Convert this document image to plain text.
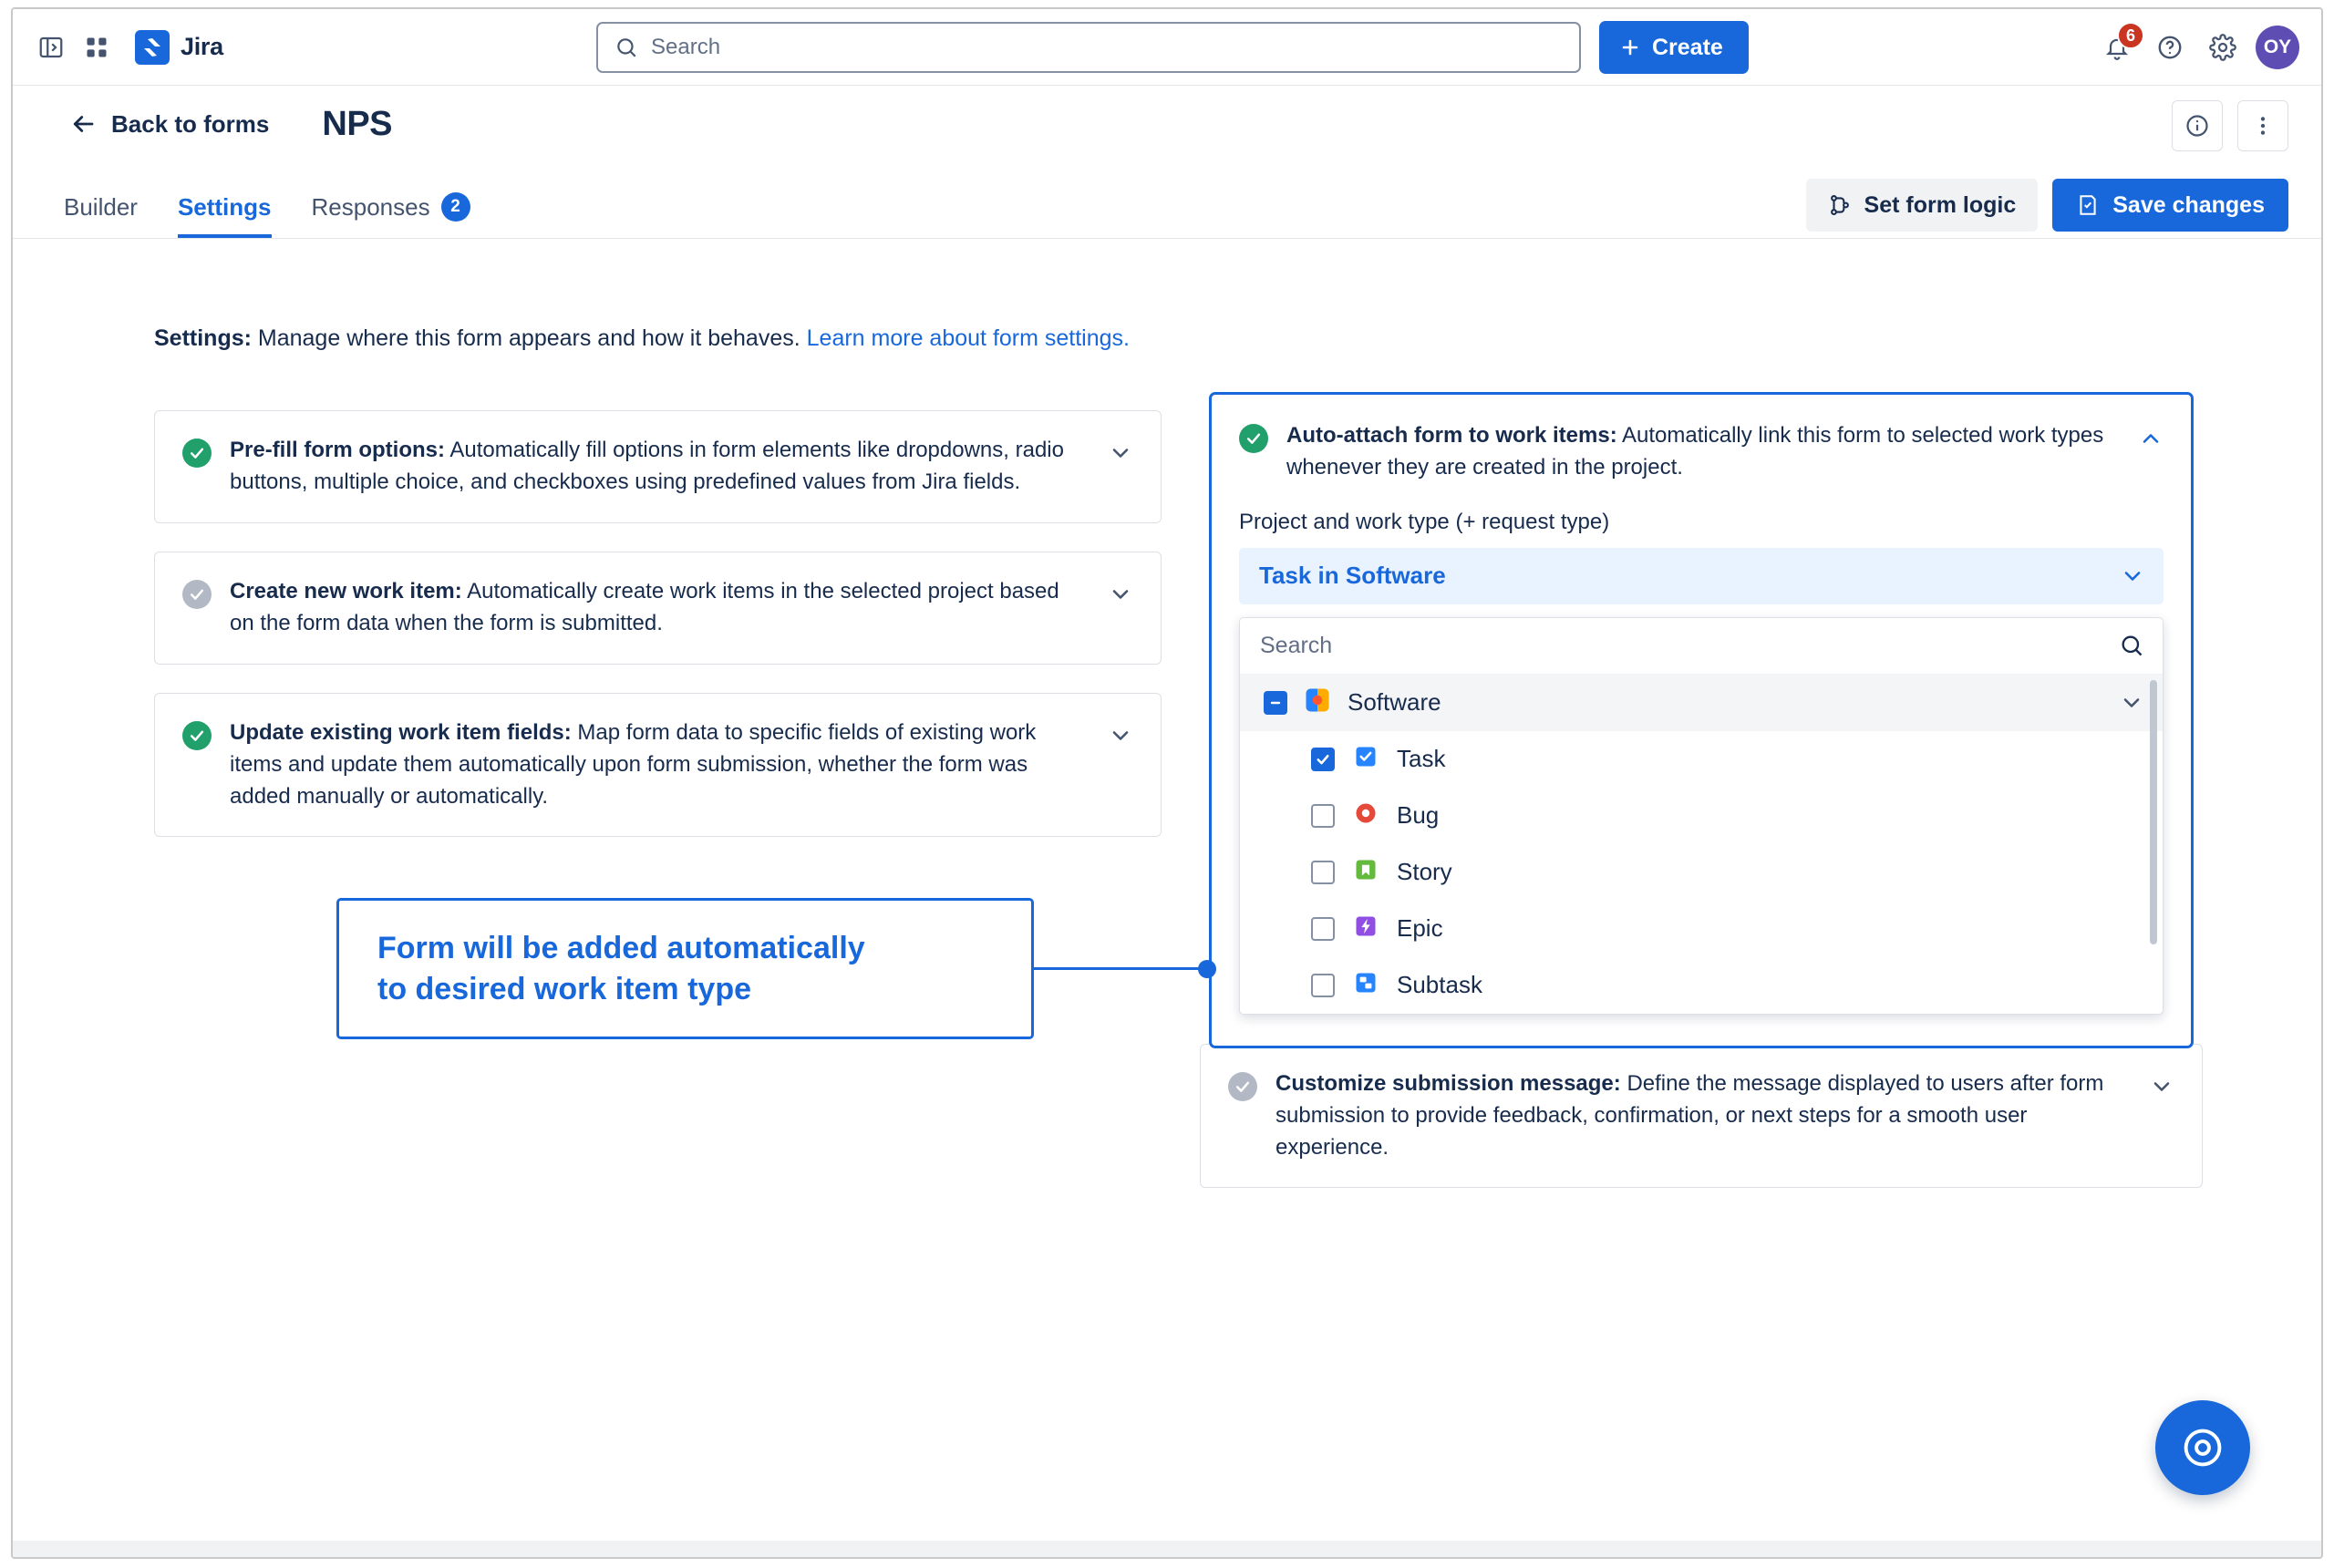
Jira
Search	Create	6
OY
Back to forms NPS
Builder Settings Responses	2	Set form logic	Save changes
Settings: Manage where this form appears and how it behaves. Learn more about form settings.
Pre-fill form options: Automatically fill options in form elements like dropdowns, radio buttons, multiple choice, and checkboxes using predefined values from Jira fields.
Create new work item: Automatically create work items in the selected project based on the form data when the form is submitted.
Update existing work item fields: Map form data to specific fields of existing work items and update them automatically upon form submission, whether the form was added manually or automatically.
Customize submission message: Define the message displayed to users after form submission to provide feedback, confirmation, or next steps for a smooth user experience.
Auto-attach form to work items: Automatically link this form to selected work types whenever they are created in the project.
Project and work type (+ request type)
Task in Software
Search
Software
Task
Bug
Story
Epic
Subtask
Form will be added automatically
to desired work item type
